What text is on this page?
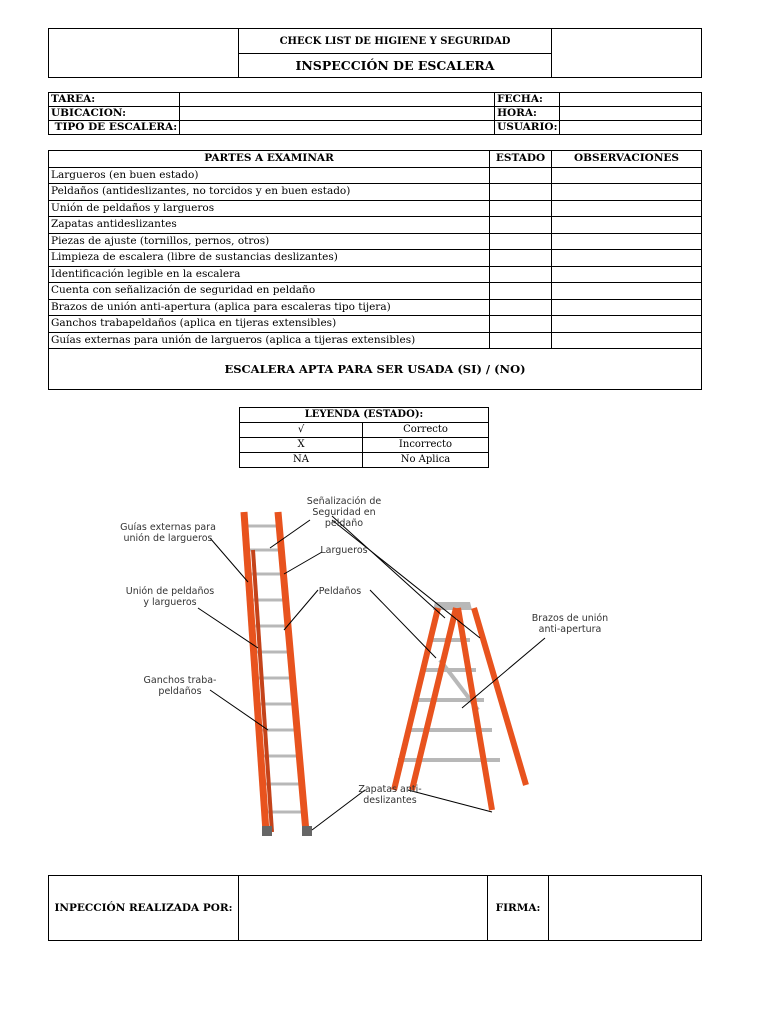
	CHECK LIST DE HIGIENE Y SEGURIDAD	
INSPECCIÓN DE ESCALERA
TAREA:		FECHA:	
UBICACION:		HORA:	
TIPO DE ESCALERA:		USUARIO:	
PARTES A EXAMINAR	ESTADO	OBSERVACIONES
Largueros (en buen estado)		
Peldaños (antideslizantes, no torcidos y en buen estado)		
Unión de peldaños y largueros		
Zapatas antideslizantes		
Piezas de ajuste (tornillos, pernos, otros)		
Limpieza de escalera (libre de sustancias deslizantes)		
Identificación legible en la escalera		
Cuenta con señalización de seguridad en peldaño		
Brazos de unión anti-apertura (aplica para escaleras tipo tijera)		
Ganchos trabapeldaños (aplica en tijeras extensibles)		
Guías externas para unión de largueros (aplica a tijeras extensibles)		
ESCALERA APTA PARA SER USADA (SI) / (NO)		
LEYENDA (ESTADO):	
√	Correcto
X	Incorrecto
NA	No Aplica
Señalización de
Seguridad en
peldaño
Guías externas para
unión de largueros
Largueros
Unión de peldaños
y largueros
Peldaños
Brazos de unión
anti-apertura
Ganchos traba-
peldaños
Zapatas anti-
deslizantes
INPECCIÓN REALIZADA POR:		FIRMA:	
